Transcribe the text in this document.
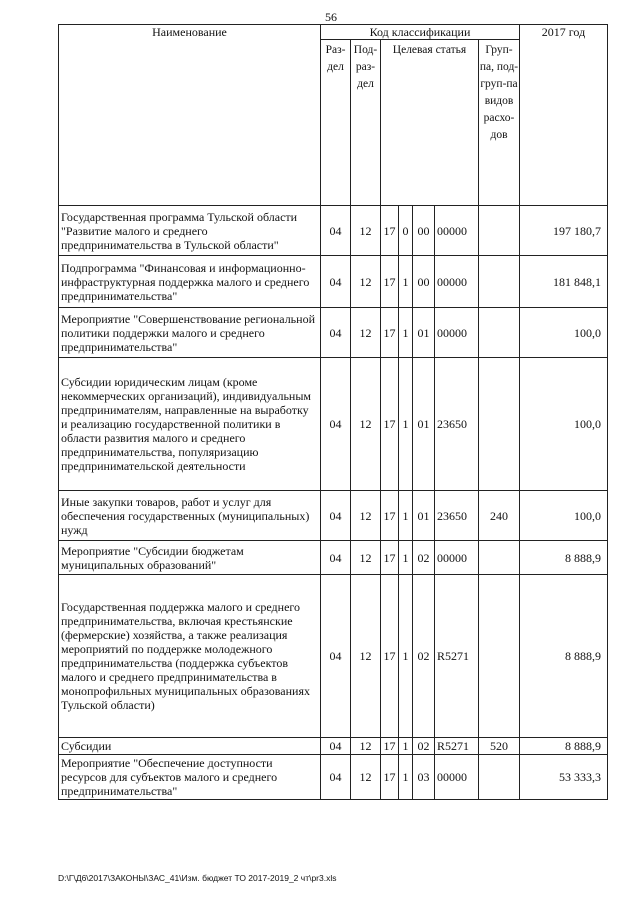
56
Наименование	Код классификации							2017 год
	Раз-дел	Под-раз-дел	Целевая статья				Груп-па, под-груп-па видов расхо-дов	
Государственная программа Тульской области "Развитие малого и среднего предпринимательства в Тульской области"	04	12	17	0	00	00000		197 180,7
Подпрограмма "Финансовая и информационно-инфраструктурная поддержка малого и среднего предпринимательства"	04	12	17	1	00	00000		181 848,1
Мероприятие "Совершенствование региональной политики поддержки малого и среднего предпринимательства"	04	12	17	1	01	00000		100,0
Субсидии юридическим лицам (кроме некоммерческих организаций), индивидуальным предпринимателям, направленные на выработку и реализацию государственной политики в области развития малого и среднего предпринимательства, популяризацию предпринимательской деятельности	04	12	17	1	01	23650		100,0
Иные закупки товаров, работ и услуг для обеспечения государственных (муниципальных) нужд	04	12	17	1	01	23650	240	100,0
Мероприятие "Субсидии бюджетам муниципальных образований"	04	12	17	1	02	00000		8 888,9
Государственная поддержка малого и среднего предпринимательства, включая крестьянские (фермерские) хозяйства, а также реализация мероприятий по поддержке молодежного предпринимательства (поддержка субъектов малого и среднего предпринимательства в монопрофильных муниципальных образованиях Тульской области)	04	12	17	1	02	R5271		8 888,9
Субсидии	04	12	17	1	02	R5271	520	8 888,9
Мероприятие "Обеспечение доступности ресурсов для субъектов малого и среднего предпринимательства"	04	12	17	1	03	00000		53 333,3
D:\Г\Д6\2017\ЗАКОНЫ\ЗАС_41\Изм. бюджет ТО 2017-2019_2 чт\pr3.xls
